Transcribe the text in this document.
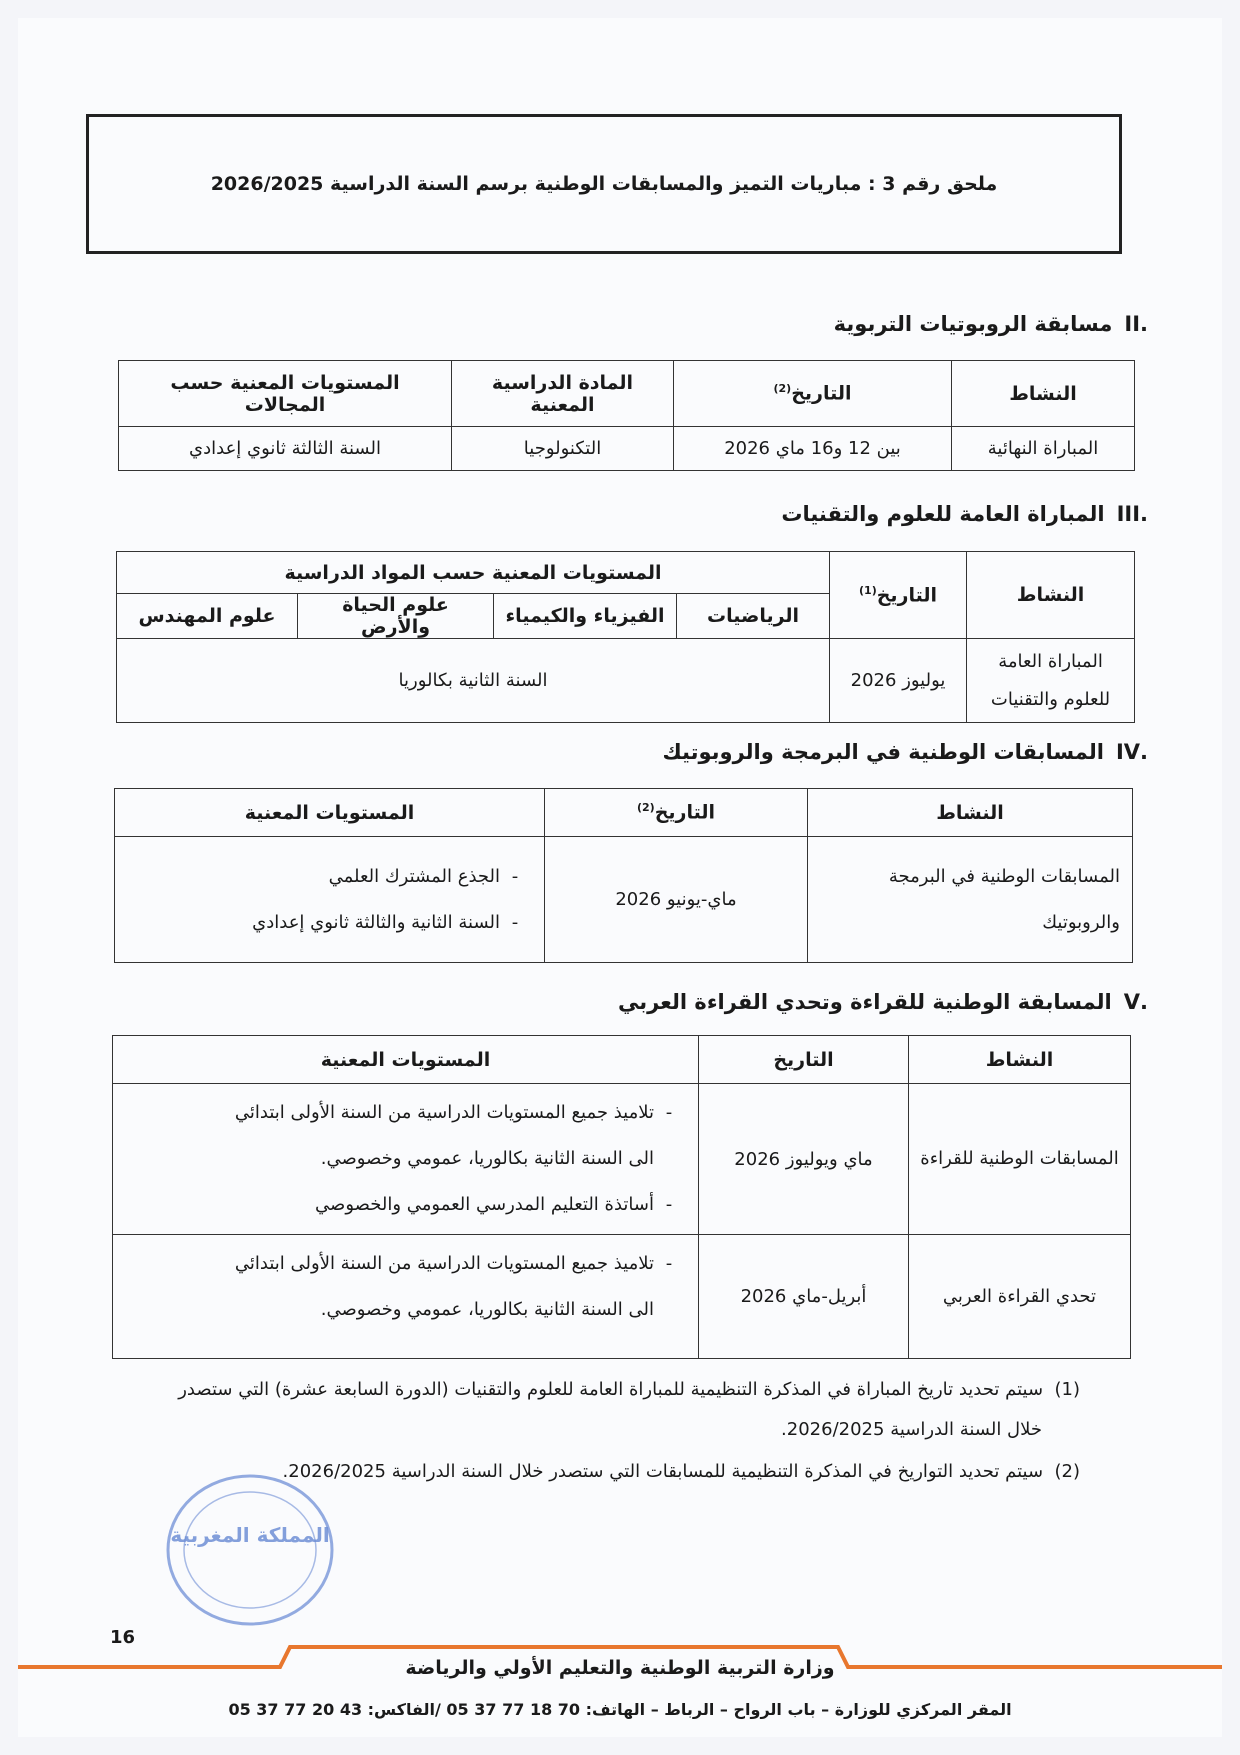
ملحق رقم 3 : مباريات التميز والمسابقات الوطنية برسم السنة الدراسية 2026/2025
.IIمسابقة الروبوتيات التربوية
النشاط	التاريخ$^{(2)}$	المادة الدراسية المعنية	المستويات المعنية حسب المجالات
المباراة النهائية	بين 12 و16 ماي 2026	التكنولوجيا	السنة الثالثة ثانوي إعدادي
.IIIالمباراة العامة للعلوم والتقنيات
النشاط	التاريخ$^{(1)}$	المستويات المعنية حسب المواد الدراسية			
		الرياضيات	الفيزياء والكيمياء	علوم الحياة والأرض	علوم المهندس
المباراة العامة للعلوم والتقنيات	يوليوز 2026	السنة الثانية بكالوريا			
.IVالمسابقات الوطنية في البرمجة والروبوتيك
النشاط	التاريخ$^{(2)}$	المستويات المعنية
المسابقات الوطنية في البرمجة والروبوتيك	ماي-يونيو 2026	-
الجذع المشترك العلمي
-
السنة الثانية والثالثة ثانوي إعدادي
.Vالمسابقة الوطنية للقراءة وتحدي القراءة العربي
النشاط	التاريخ	المستويات المعنية
المسابقات الوطنية للقراءة	ماي ويوليوز 2026	-
تلاميذ جميع المستويات الدراسية من السنة الأولى ابتدائي
الى السنة الثانية بكالوريا، عمومي وخصوصي.
-
أساتذة التعليم المدرسي العمومي والخصوصي

تحدي القراءة العربي	أبريل-ماي 2026	-
تلاميذ جميع المستويات الدراسية من السنة الأولى ابتدائي
الى السنة الثانية بكالوريا، عمومي وخصوصي.
(1)  سيتم تحديد تاريخ المباراة في المذكرة التنظيمية للمباراة العامة للعلوم والتقنيات (الدورة السابعة عشرة) التي ستصدر
خلال السنة الدراسية 2026/2025.
(2)  سيتم تحديد التواريخ في المذكرة التنظيمية للمسابقات التي ستصدر خلال السنة الدراسية 2026/2025.
المملكة المغربية
16
وزارة التربية الوطنية والتعليم الأولي والرياضة
المقر المركزي للوزارة – باب الرواح – الرباط – الهاتف: 70 18 77 37 05 /الفاكس: 43 20 77 37 05
